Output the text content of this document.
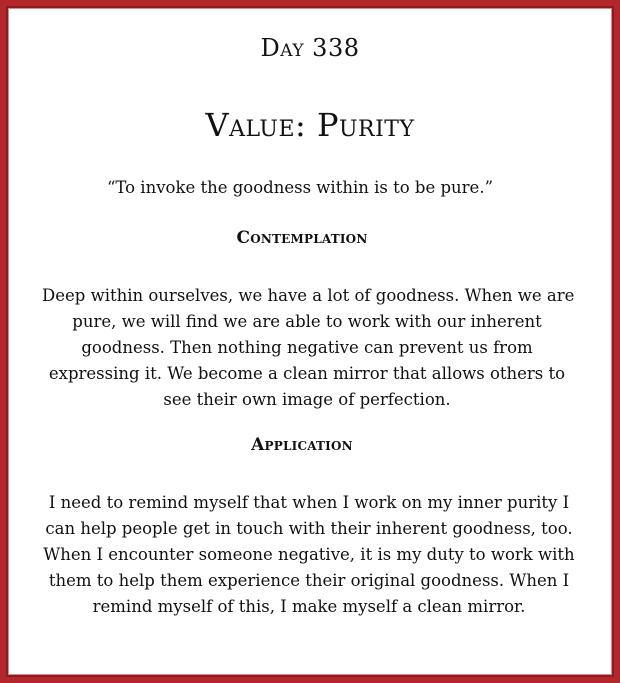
Day 338
Value: Purity
“To invoke the goodness within is to be pure.”
Contemplation
Deep within ourselves, we have a lot of goodness. When we are
pure, we will find we are able to work with our inherent
goodness. Then nothing negative can prevent us from
expressing it. We become a clean mirror that allows others to
see their own image of perfection.
Application
I need to remind myself that when I work on my inner purity I
can help people get in touch with their inherent goodness, too.
When I encounter someone negative, it is my duty to work with
them to help them experience their original goodness. When I
remind myself of this, I make myself a clean mirror.
